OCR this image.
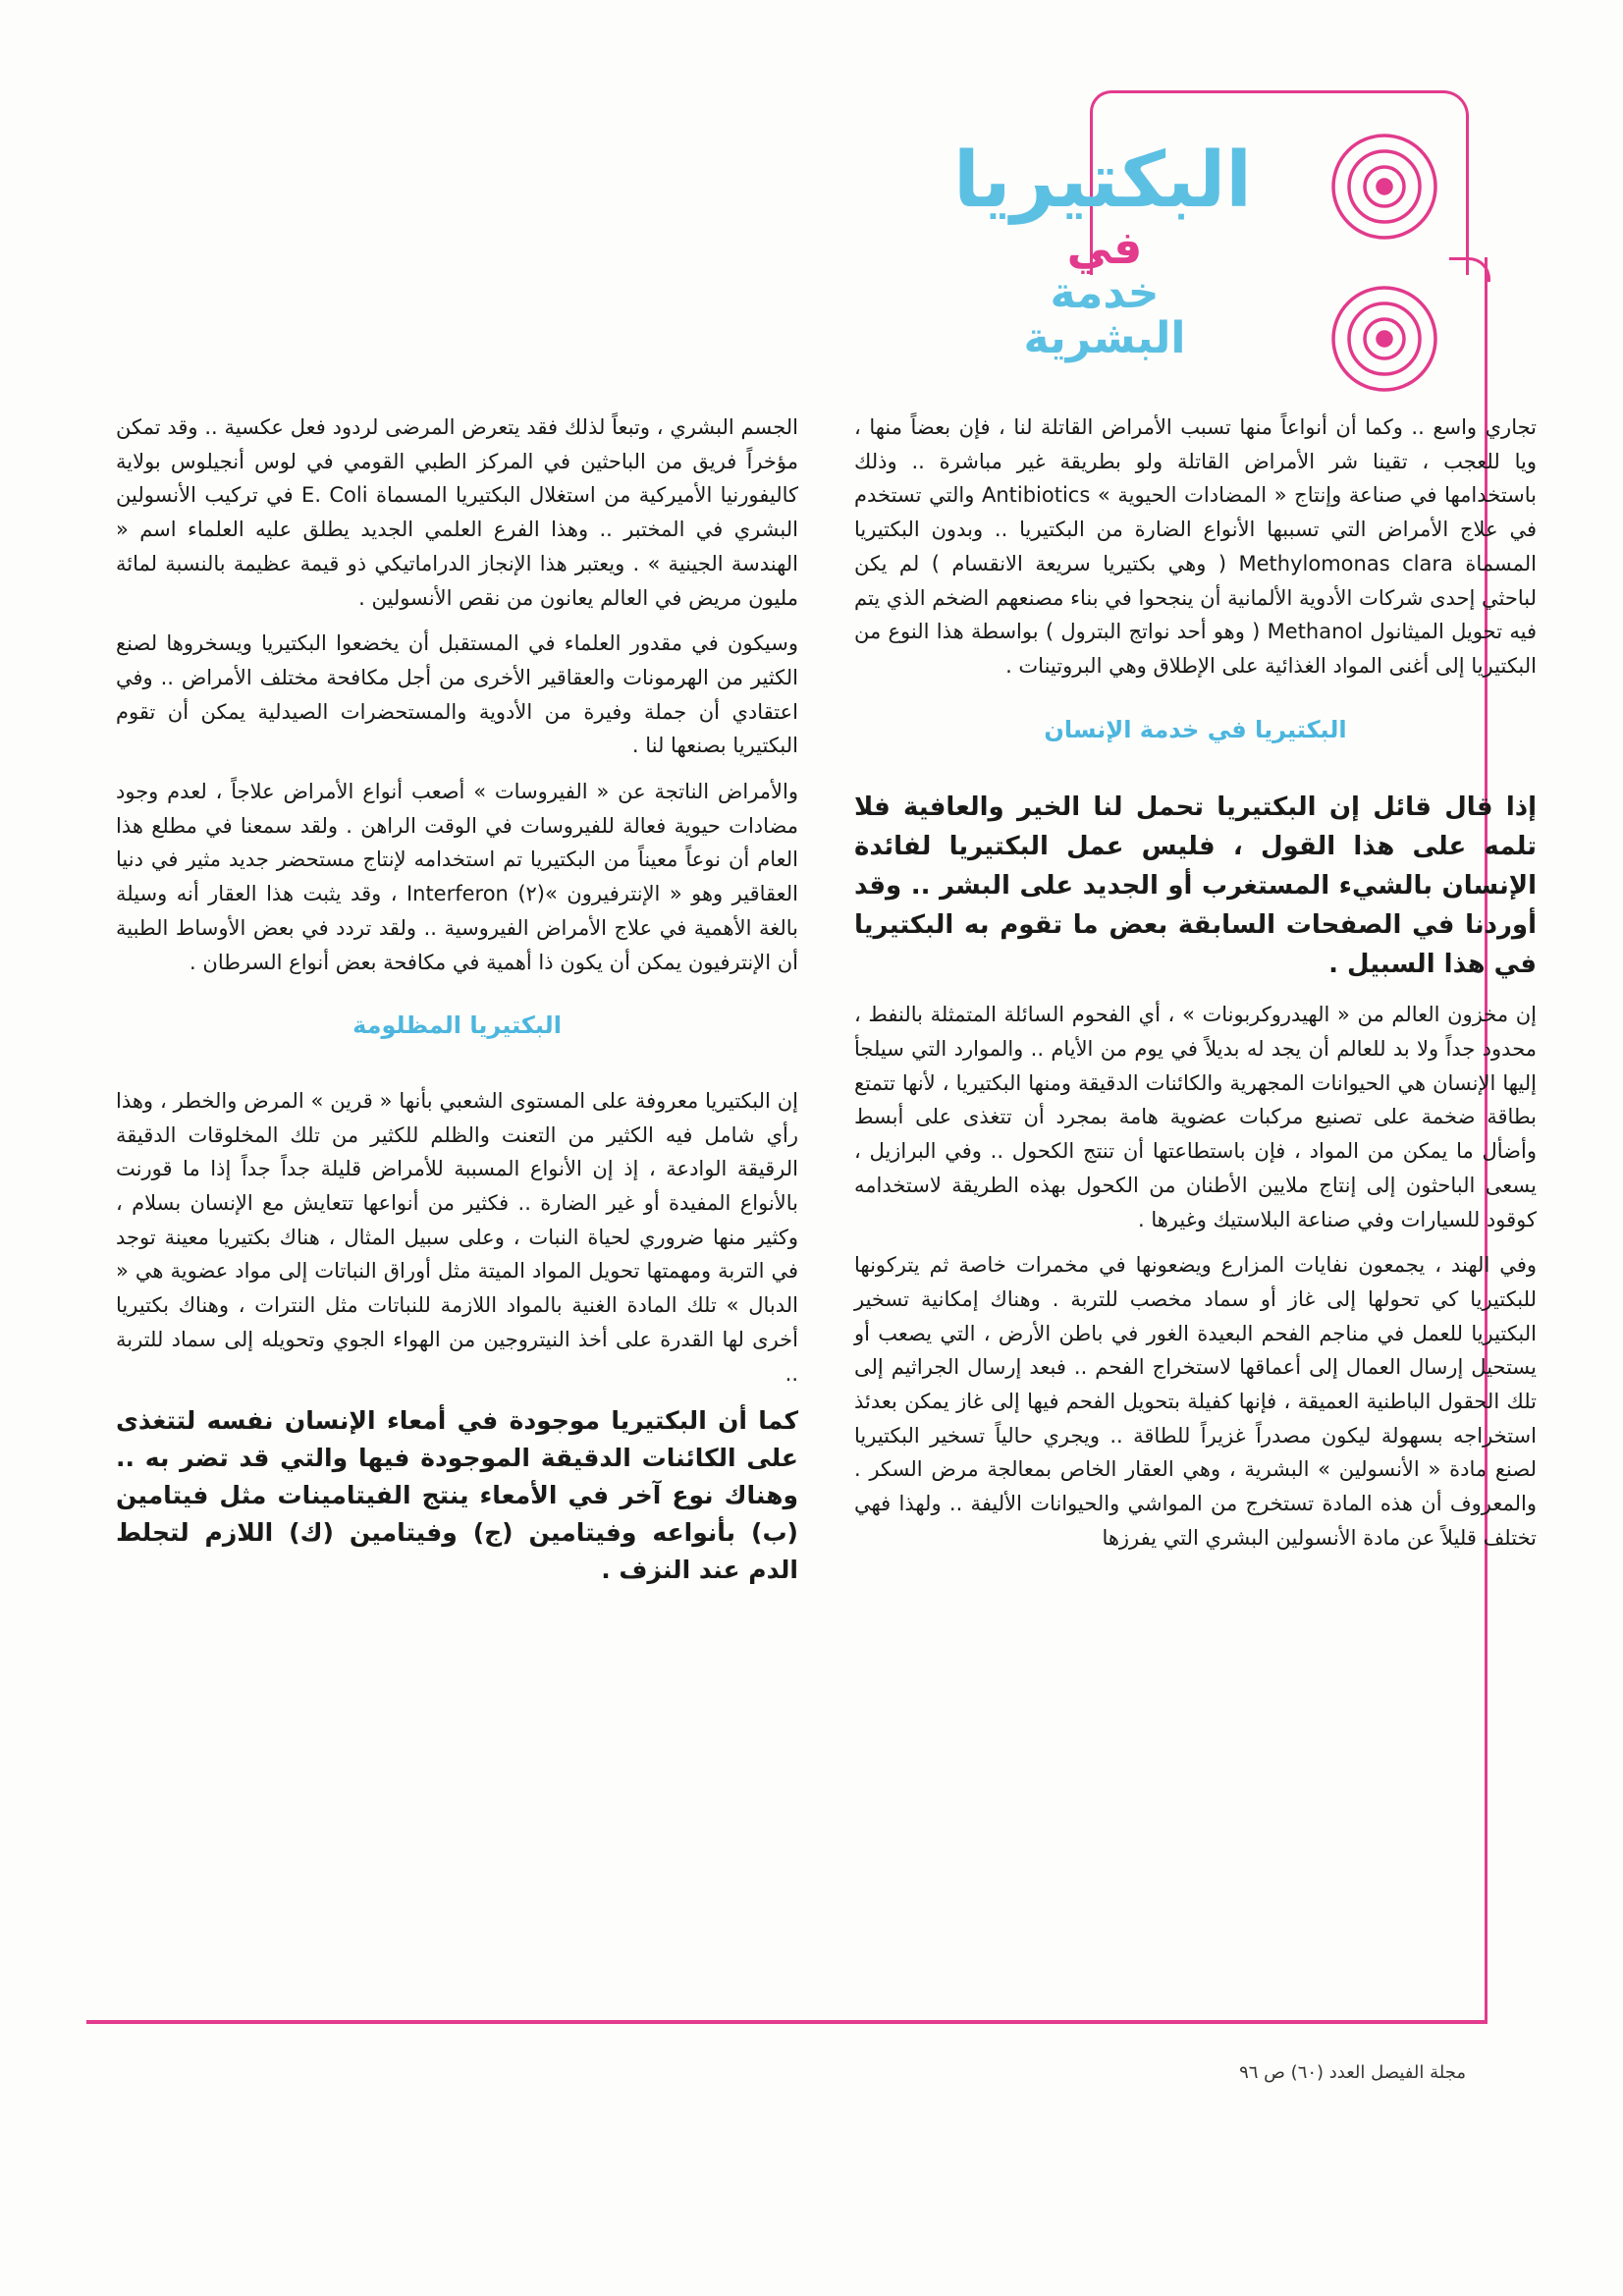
البكتيريا
في
خدمة
البشرية

تجاري واسع .. وكما أن أنواعاً منها تسبب الأمراض القاتلة لنا ، فإن بعضاً منها ، ويا للعجب ، تقينا شر الأمراض القاتلة ولو بطريقة غير مباشرة .. وذلك باستخدامها في صناعة وإنتاج « المضادات الحيوية » Antibiotics والتي تستخدم في علاج الأمراض التي تسببها الأنواع الضارة من البكتيريا .. وبدون البكتيريا المسماة Methylomonas clara ( وهي بكتيريا سريعة الانقسام ) لم يكن لباحثي إحدى شركات الأدوية الألمانية أن ينجحوا في بناء مصنعهم الضخم الذي يتم فيه تحويل الميثانول Methanol ( وهو أحد نواتج البترول ) بواسطة هذا النوع من البكتيريا إلى أغنى المواد الغذائية على الإطلاق وهي البروتينات .

البكتيريا في خدمة الإنسان

إذا قال قائل إن البكتيريا تحمل لنا الخير والعافية فلا تلمه على هذا القول ، فليس عمل البكتيريا لفائدة الإنسان بالشيء المستغرب أو الجديد على البشر .. وقد أوردنا في الصفحات السابقة بعض ما تقوم به البكتيريا في هذا السبيل .

إن مخزون العالم من « الهيدروكربونات » ، أي الفحوم السائلة المتمثلة بالنفط ، محدود جداً ولا بد للعالم أن يجد له بديلاً في يوم من الأيام .. والموارد التي سيلجأ إليها الإنسان هي الحيوانات المجهرية والكائنات الدقيقة ومنها البكتيريا ، لأنها تتمتع بطاقة ضخمة على تصنيع مركبات عضوية هامة بمجرد أن تتغذى على أبسط وأضأل ما يمكن من المواد ، فإن باستطاعتها أن تنتج الكحول .. وفي البرازيل ، يسعى الباحثون إلى إنتاج ملايين الأطنان من الكحول بهذه الطريقة لاستخدامه كوقود للسيارات وفي صناعة البلاستيك وغيرها .

وفي الهند ، يجمعون نفايات المزارع ويضعونها في مخمرات خاصة ثم يتركونها للبكتيريا كي تحولها إلى غاز أو سماد مخصب للتربة . وهناك إمكانية تسخير البكتيريا للعمل في مناجم الفحم البعيدة الغور في باطن الأرض ، التي يصعب أو يستحيل إرسال العمال إلى أعماقها لاستخراج الفحم .. فبعد إرسال الجراثيم إلى تلك الحقول الباطنية العميقة ، فإنها كفيلة بتحويل الفحم فيها إلى غاز يمكن بعدئذ استخراجه بسهولة ليكون مصدراً غزيراً للطاقة .. ويجري حالياً تسخير البكتيريا لصنع مادة « الأنسولين » البشرية ، وهي العقار الخاص بمعالجة مرض السكر . والمعروف أن هذه المادة تستخرج من المواشي والحيوانات الأليفة .. ولهذا فهي تختلف قليلاً عن مادة الأنسولين البشري التي يفرزها

الجسم البشري ، وتبعاً لذلك فقد يتعرض المرضى لردود فعل عكسية .. وقد تمكن مؤخراً فريق من الباحثين في المركز الطبي القومي في لوس أنجيلوس بولاية كاليفورنيا الأميركية من استغلال البكتيريا المسماة E. Coli في تركيب الأنسولين البشري في المختبر .. وهذا الفرع العلمي الجديد يطلق عليه العلماء اسم « الهندسة الجينية » . ويعتبر هذا الإنجاز الدراماتيكي ذو قيمة عظيمة بالنسبة لمائة مليون مريض في العالم يعانون من نقص الأنسولين .

وسيكون في مقدور العلماء في المستقبل أن يخضعوا البكتيريا ويسخروها لصنع الكثير من الهرمونات والعقاقير الأخرى من أجل مكافحة مختلف الأمراض .. وفي اعتقادي أن جملة وفيرة من الأدوية والمستحضرات الصيدلية يمكن أن تقوم البكتيريا بصنعها لنا .

والأمراض الناتجة عن « الفيروسات » أصعب أنواع الأمراض علاجاً ، لعدم وجود مضادات حيوية فعالة للفيروسات في الوقت الراهن . ولقد سمعنا في مطلع هذا العام أن نوعاً معيناً من البكتيريا تم استخدامه لإنتاج مستحضر جديد مثير في دنيا العقاقير وهو « الإنترفيرون »(٢) Interferon ، وقد يثبت هذا العقار أنه وسيلة بالغة الأهمية في علاج الأمراض الفيروسية .. ولقد تردد في بعض الأوساط الطبية أن الإنترفيون يمكن أن يكون ذا أهمية في مكافحة بعض أنواع السرطان .

البكتيريا المظلومة

إن البكتيريا معروفة على المستوى الشعبي بأنها « قرين » المرض والخطر ، وهذا رأي شامل فيه الكثير من التعنت والظلم للكثير من تلك المخلوقات الدقيقة الرقيقة الوادعة ، إذ إن الأنواع المسببة للأمراض قليلة جداً جداً إذا ما قورنت بالأنواع المفيدة أو غير الضارة .. فكثير من أنواعها تتعايش مع الإنسان بسلام ، وكثير منها ضروري لحياة النبات ، وعلى سبيل المثال ، هناك بكتيريا معينة توجد في التربة ومهمتها تحويل المواد الميتة مثل أوراق النباتات إلى مواد عضوية هي « الدبال » تلك المادة الغنية بالمواد اللازمة للنباتات مثل النترات ، وهناك بكتيريا أخرى لها القدرة على أخذ النيتروجين من الهواء الجوي وتحويله إلى سماد للتربة ..

كما أن البكتيريا موجودة في أمعاء الإنسان نفسه لتتغذى على الكائنات الدقيقة الموجودة فيها والتي قد تضر به .. وهناك نوع آخر في الأمعاء ينتج الفيتامينات مثل فيتامين (ب) بأنواعه وفيتامين (ج) وفيتامين (ك) اللازم لتجلط الدم عند النزف .

مجلة الفيصل العدد (٦٠) ص ٩٦
